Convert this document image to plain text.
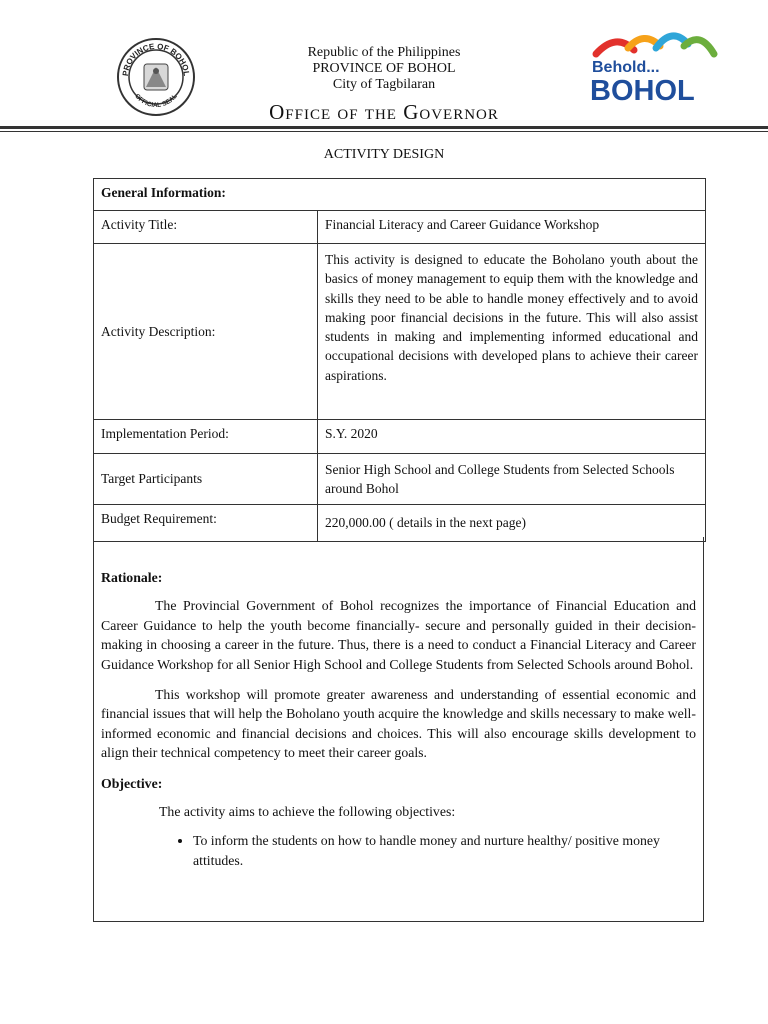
PROVINCE OF BOHOL
OFFICIAL SEAL
Behold...
BOHOL
Republic of the Philippines
PROVINCE OF BOHOL
City of Tagbilaran
Office of the Governor
ACTIVITY DESIGN
General Information:	
Activity Title:	Financial Literacy and Career Guidance Workshop
Activity Description:	This activity is designed to educate the Boholano youth about the basics of money management to equip them with the knowledge and skills they need to be able to handle money effectively and to avoid making poor financial decisions in the future. This will also assist students in making and implementing informed educational and occupational decisions with developed plans to achieve their career aspirations.
Implementation Period:	S.Y. 2020
Target Participants	Senior High School and College Students from Selected Schools around Bohol
Budget Requirement:	220,000.00 ( details in the next page)
Rationale:

The Provincial Government of Bohol recognizes the importance of Financial Education and Career Guidance to help the youth become financially- secure and personally guided in their decision- making in choosing a career in the future. Thus, there is a need to conduct a Financial Literacy and Career Guidance Workshop for all Senior High School and College Students from Selected Schools around Bohol.

This workshop will promote greater awareness and understanding of essential economic and financial issues that will help the Boholano youth acquire the knowledge and skills necessary to make well-informed economic and financial decisions and choices. This will also encourage skills development to align their technical competency to meet their career goals.

Objective:

The activity aims to achieve the following objectives:

• To inform the students on how to handle money and nurture healthy/ positive money attitudes.
